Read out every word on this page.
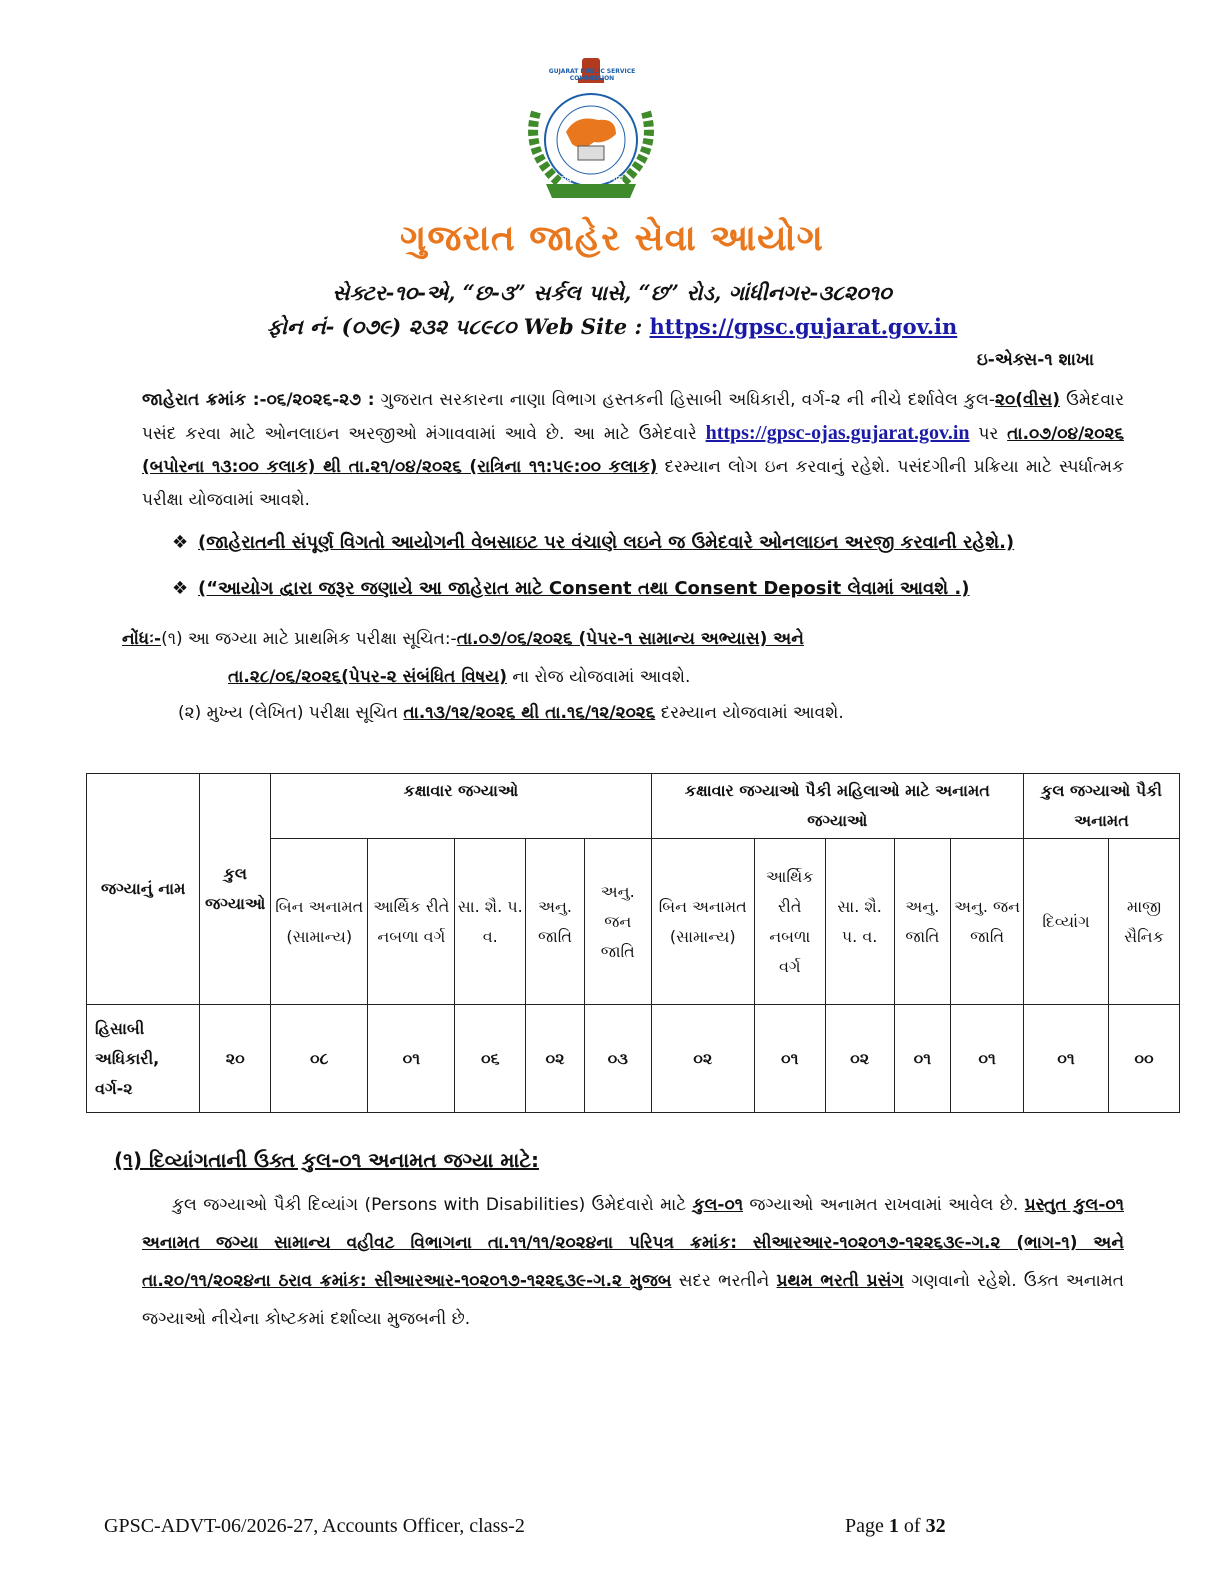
चयनं सत्यशीलानाम्
GUJARAT PUBLIC SERVICE COMMISSION
ગુજરાત જાહેર સેવા આયોગ
સેક્ટર-૧૦-એ, “છ-૩” સર્કલ પાસે, “છ” રોડ, ગાંધીનગર-૩૮૨૦૧૦
ફોન નં- (૦૭૯) ૨૩૨ ૫૮૯૮૦ Web Site : https://gpsc.gujarat.gov.in
ઇ-એક્સ-૧ શાખા
જાહેરાત ક્રમાંક :-૦૬/૨૦૨૬-૨૭ : ગુજરાત સરકારના નાણા વિભાગ હસ્તકની હિસાબી અધિકારી, વર્ગ-૨ ની નીચે દર્શાવેલ કુલ-૨૦(વીસ) ઉમેદવાર પસંદ કરવા માટે ઓનલાઇન અરજીઓ મંગાવવામાં આવે છે. આ માટે ઉમેદવારે https://gpsc-ojas.gujarat.gov.in પર તા.૦૭/૦૪/૨૦૨૬ (બપોરના ૧૩:૦૦ કલાક) થી તા.૨૧/૦૪/૨૦૨૬ (રાત્રિના ૧૧:૫૯:૦૦ કલાક) દરમ્યાન લોગ ઇન કરવાનું રહેશે. પસંદગીની પ્રક્રિયા માટે સ્પર્ધાત્મક પરીક્ષા યોજવામાં આવશે.
❖ (જાહેરાતની સંપૂર્ણ વિગતો આયોગની વેબસાઇટ પર વંચાણે લઇને જ ઉમેદવારે ઓનલાઇન અરજી કરવાની રહેશે.)
❖ (“આયોગ દ્વારા જરૂર જણાયે આ જાહેરાત માટે Consent તથા Consent Deposit લેવામાં આવશે .)
નોંધઃ-(૧) આ જગ્યા માટે પ્રાથમિક પરીક્ષા સૂચિત:-તા.૦૭/૦૬/૨૦૨૬ (પેપર-૧ સામાન્ય અભ્યાસ) અને
તા.૨૮/૦૬/૨૦૨૬(પેપર-૨ સંબંધિત વિષય) ના રોજ યોજવામાં આવશે.
(૨) મુખ્ય (લેખિત) પરીક્ષા સૂચિત તા.૧૩/૧૨/૨૦૨૬ થી તા.૧૬/૧૨/૨૦૨૬ દરમ્યાન યોજવામાં આવશે.
જગ્યાનું નામ	કુલ જગ્યાઓ	કક્ષાવાર જગ્યાઓ					કક્ષાવાર જગ્યાઓ પૈકી મહિલાઓ માટે અનામત જગ્યાઓ					કુલ જગ્યાઓ પૈકી અનામત	
		બિન અનામત (સામાન્ય)	આર્થિક રીતે નબળા વર્ગ	સા. શૈ. પ. વ.	અનુ. જાતિ	અનુ. જન જાતિ	બિન અનામત (સામાન્ય)	આર્થિક રીતે નબળા વર્ગ	સા. શૈ. પ. વ.	અનુ. જાતિ	અનુ. જન જાતિ	દિવ્યાંગ	માજી સૈનિક
હિસાબી અધિકારી, વર્ગ-૨	૨૦	૦૮	૦૧	૦૬	૦૨	૦૩	૦૨	૦૧	૦૨	૦૧	૦૧	૦૧	૦૦
(૧) દિવ્યાંગતાની ઉક્ત કુલ-૦૧ અનામત જગ્યા માટે:
કુલ જગ્યાઓ પૈકી દિવ્યાંગ (Persons with Disabilities) ઉમેદવારો માટે કુલ-૦૧ જગ્યાઓ અનામત રાખવામાં આવેલ છે. પ્રસ્તુત કુલ-૦૧ અનામત જગ્યા સામાન્ય વહીવટ વિભાગના તા.૧૧/૧૧/૨૦૨૪ના પરિપત્ર ક્રમાંક: સીઆરઆર-૧૦૨૦૧૭-૧૨૨૬૩૯-ગ.૨ (ભાગ-૧) અને તા.૨૦/૧૧/૨૦૨૪ના ઠરાવ ક્રમાંક: સીઆરઆર-૧૦૨૦૧૭-૧૨૨૬૩૯-ગ.૨ મુજબ સદર ભરતીને પ્રથમ ભરતી પ્રસંગ ગણવાનો રહેશે. ઉક્ત અનામત જગ્યાઓ નીચેના કોષ્ટકમાં દર્શાવ્યા મુજબની છે.
GPSC-ADVT-06/2026-27, Accounts Officer, class-2	Page 1 of 32
